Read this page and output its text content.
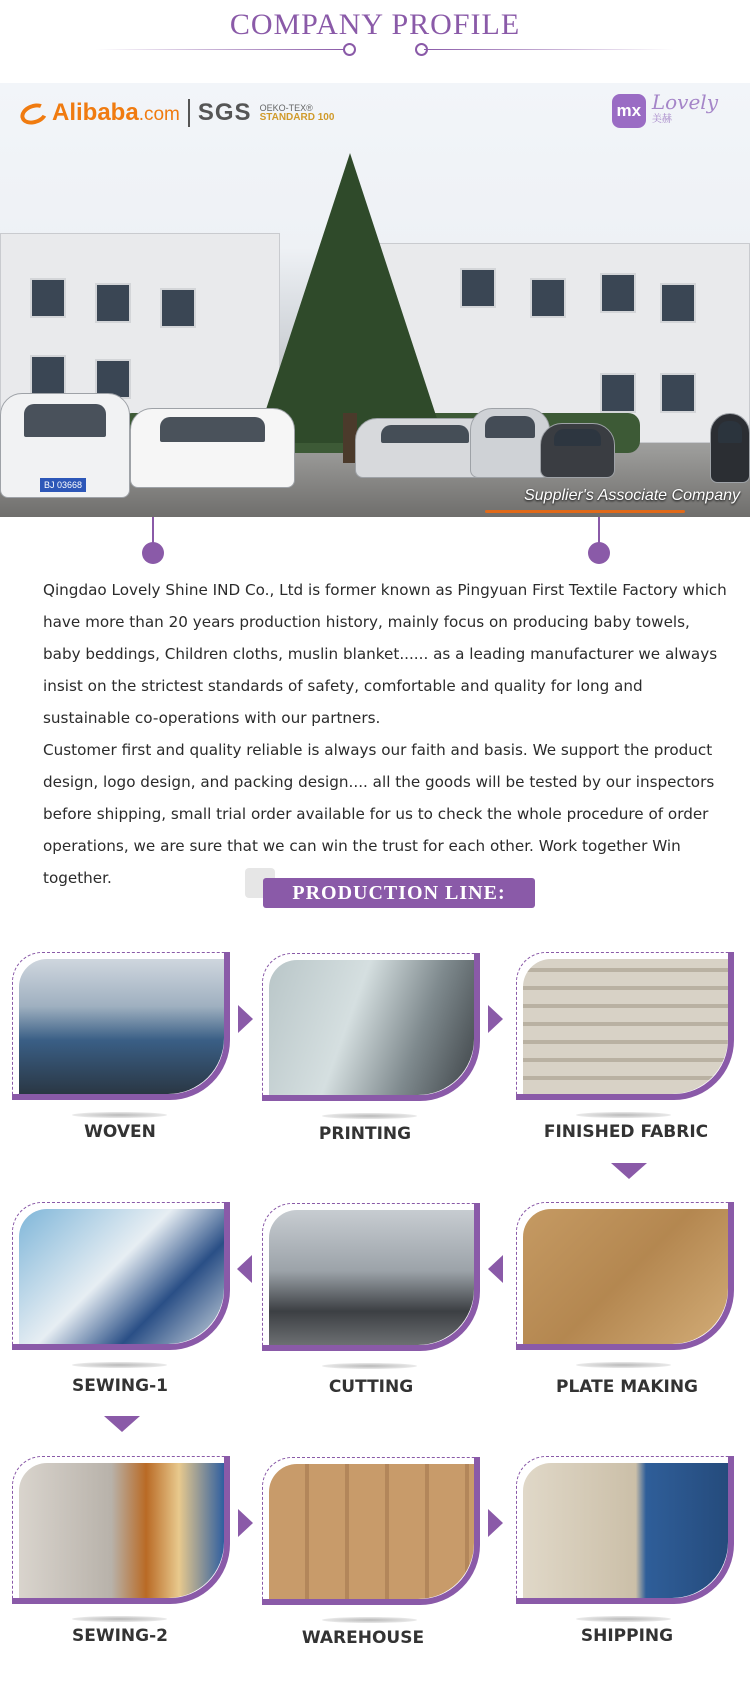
COMPANY PROFILE
Alibaba.com SGS OEKO-TEX®
STANDARD 100	mx Lovely
美赫
BJ 03668
Supplier's Associate Company

Qingdao Lovely Shine IND Co., Ltd is former known as Pingyuan First Textile Factory which have more than 20 years production history, mainly focus on producing baby towels, baby beddings, Children cloths, muslin blanket...... as a leading manufacturer we always insist on the strictest standards of safety, comfortable and quality for long and sustainable co-operations with our partners.

Customer first and quality reliable is always our faith and basis. We support the product design, logo design, and packing design.... all the goods will be tested by our inspectors before shipping, small trial order available for us to check the whole procedure of order operations, we are sure that we can win the trust for each other. Work together Win together.

PRODUCTION LINE:
WOVEN	PRINTING	FINISHED FABRIC
SEWING-1	CUTTING	PLATE MAKING
SEWING-2	WAREHOUSE	SHIPPING
